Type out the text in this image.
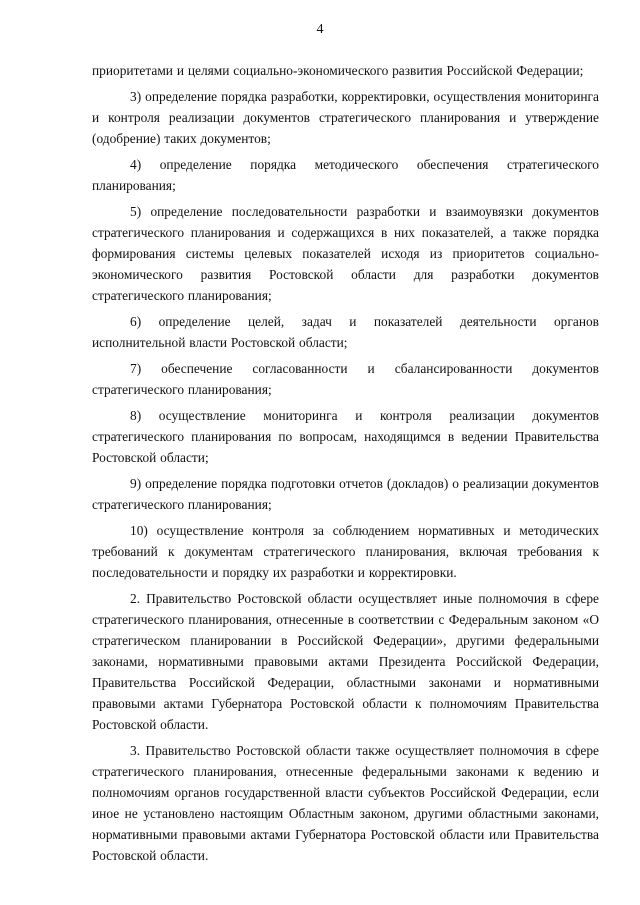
4

приоритетами и целями социально-экономического развития Российской Федерации;

3) определение порядка разработки, корректировки, осуществления мониторинга и контроля реализации документов стратегического планирования и утверждение (одобрение) таких документов;

4) определение порядка методического обеспечения стратегического планирования;

5) определение последовательности разработки и взаимоувязки документов стратегического планирования и содержащихся в них показателей, а также порядка формирования системы целевых показателей исходя из приоритетов социально-экономического развития Ростовской области для разработки документов стратегического планирования;

6) определение целей, задач и показателей деятельности органов исполнительной власти Ростовской области;

7) обеспечение согласованности и сбалансированности документов стратегического планирования;

8) осуществление мониторинга и контроля реализации документов стратегического планирования по вопросам, находящимся в ведении Правительства Ростовской области;

9) определение порядка подготовки отчетов (докладов) о реализации документов стратегического планирования;

10) осуществление контроля за соблюдением нормативных и методических требований к документам стратегического планирования, включая требования к последовательности и порядку их разработки и корректировки.

2. Правительство Ростовской области осуществляет иные полномочия в сфере стратегического планирования, отнесенные в соответствии с Федеральным законом «О стратегическом планировании в Российской Федерации», другими федеральными законами, нормативными правовыми актами Президента Российской Федерации, Правительства Российской Федерации, областными законами и нормативными правовыми актами Губернатора Ростовской области к полномочиям Правительства Ростовской области.

3. Правительство Ростовской области также осуществляет полномочия в сфере стратегического планирования, отнесенные федеральными законами к ведению и полномочиям органов государственной власти субъектов Российской Федерации, если иное не установлено настоящим Областным законом, другими областными законами, нормативными правовыми актами Губернатора Ростовской области или Правительства Ростовской области.
